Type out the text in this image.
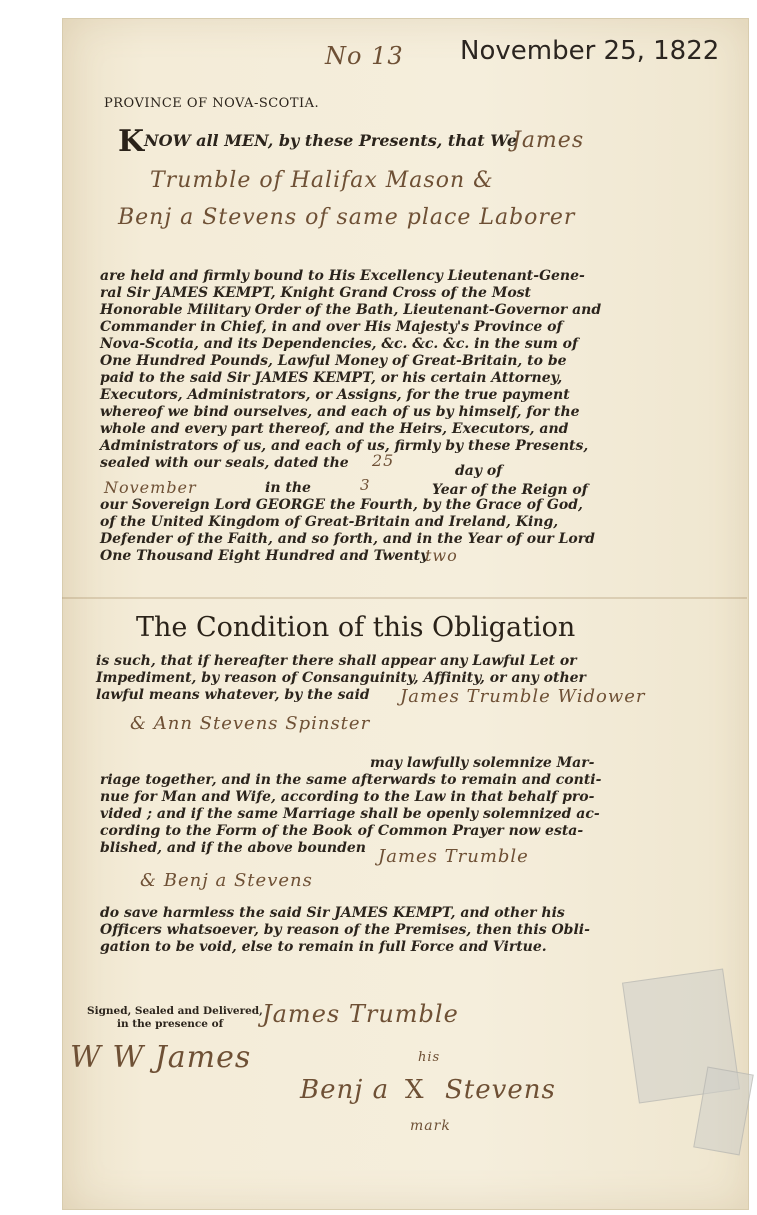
No 13 November 25, 1822
PROVINCE OF NOVA-SCOTIA.
K NOW all MEN, by these Presents, that We
James
Trumble of Halifax Mason &
Benj a Stevens of same place Laborer
are held and firmly bound to His Excellency Lieutenant-Gene-
ral Sir JAMES KEMPT, Knight Grand Cross of the Most
Honorable Military Order of the Bath, Lieutenant-Governor and
Commander in Chief, in and over His Majesty's Province of
Nova-Scotia, and its Dependencies, &c. &c. &c. in the sum of
One Hundred Pounds, Lawful Money of Great-Britain, to be
paid to the said Sir JAMES KEMPT, or his certain Attorney,
Executors, Administrators, or Assigns, for the true payment
whereof we bind ourselves, and each of us by himself, for the
whole and every part thereof, and the Heirs, Executors, and
Administrators of us, and each of us, firmly by these Presents,
sealed with our seals, dated the 25
day of
November	in the	3	Year of the Reign of
our Sovereign Lord GEORGE the Fourth, by the Grace of God,
of the United Kingdom of Great-Britain and Ireland, King,
Defender of the Faith, and so forth, and in the Year of our Lord
One Thousand Eight Hundred and Twenty
two
The Condition of this Obligation
is such, that if hereafter there shall appear any Lawful Let or
Impediment, by reason of Consanguinity, Affinity, or any other
lawful means whatever, by the said James Trumble Widower
& Ann Stevens Spinster
may lawfully solemnize Mar-
riage together, and in the same afterwards to remain and conti-
nue for Man and Wife, according to the Law in that behalf pro-
vided ; and if the same Marriage shall be openly solemnized ac-
cording to the Form of the Book of Common Prayer now esta-
blished, and if the above bounden James Trumble
& Benj a Stevens
do save harmless the said Sir JAMES KEMPT, and other his
Officers whatsoever, by reason of the Premises, then this Obli-
gation to be void, else to remain in full Force and Virtue.
Signed, Sealed and Delivered,
in the presence of James Trumble
W W James	his
Benj a X Stevens
mark
